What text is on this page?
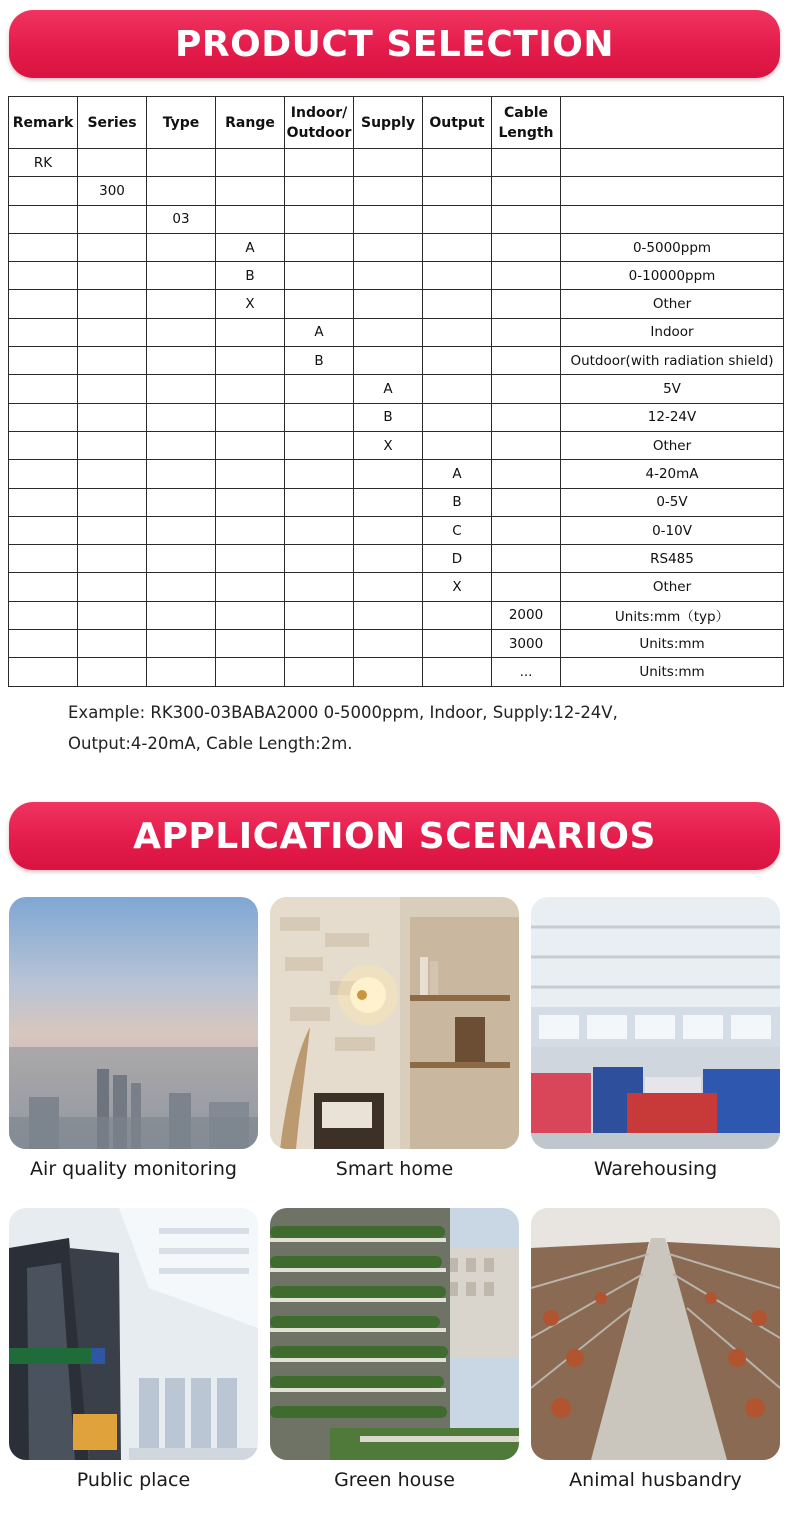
PRODUCT SELECTION
Remark	Series	Type	Range	Indoor/ Outdoor	Supply	Output	Cable Length	
RK								
	300							
		03						
			A					0-5000ppm
			B					0-10000ppm
			X					Other
				A				Indoor
				B				Outdoor(with radiation shield)
					A			5V
					B			12-24V
					X			Other
						A		4-20mA
						B		0-5V
						C		0-10V
						D		RS485
						X		Other
							2000	Units:mm（typ）
							3000	Units:mm
							...	Units:mm
Example: RK300-03BABA2000 0-5000ppm, Indoor, Supply:12-24V,
Output:4-20mA, Cable Length:2m.
APPLICATION SCENARIOS
Air quality monitoring	Smart home	Warehousing
Public place	Green house	Animal husbandry
